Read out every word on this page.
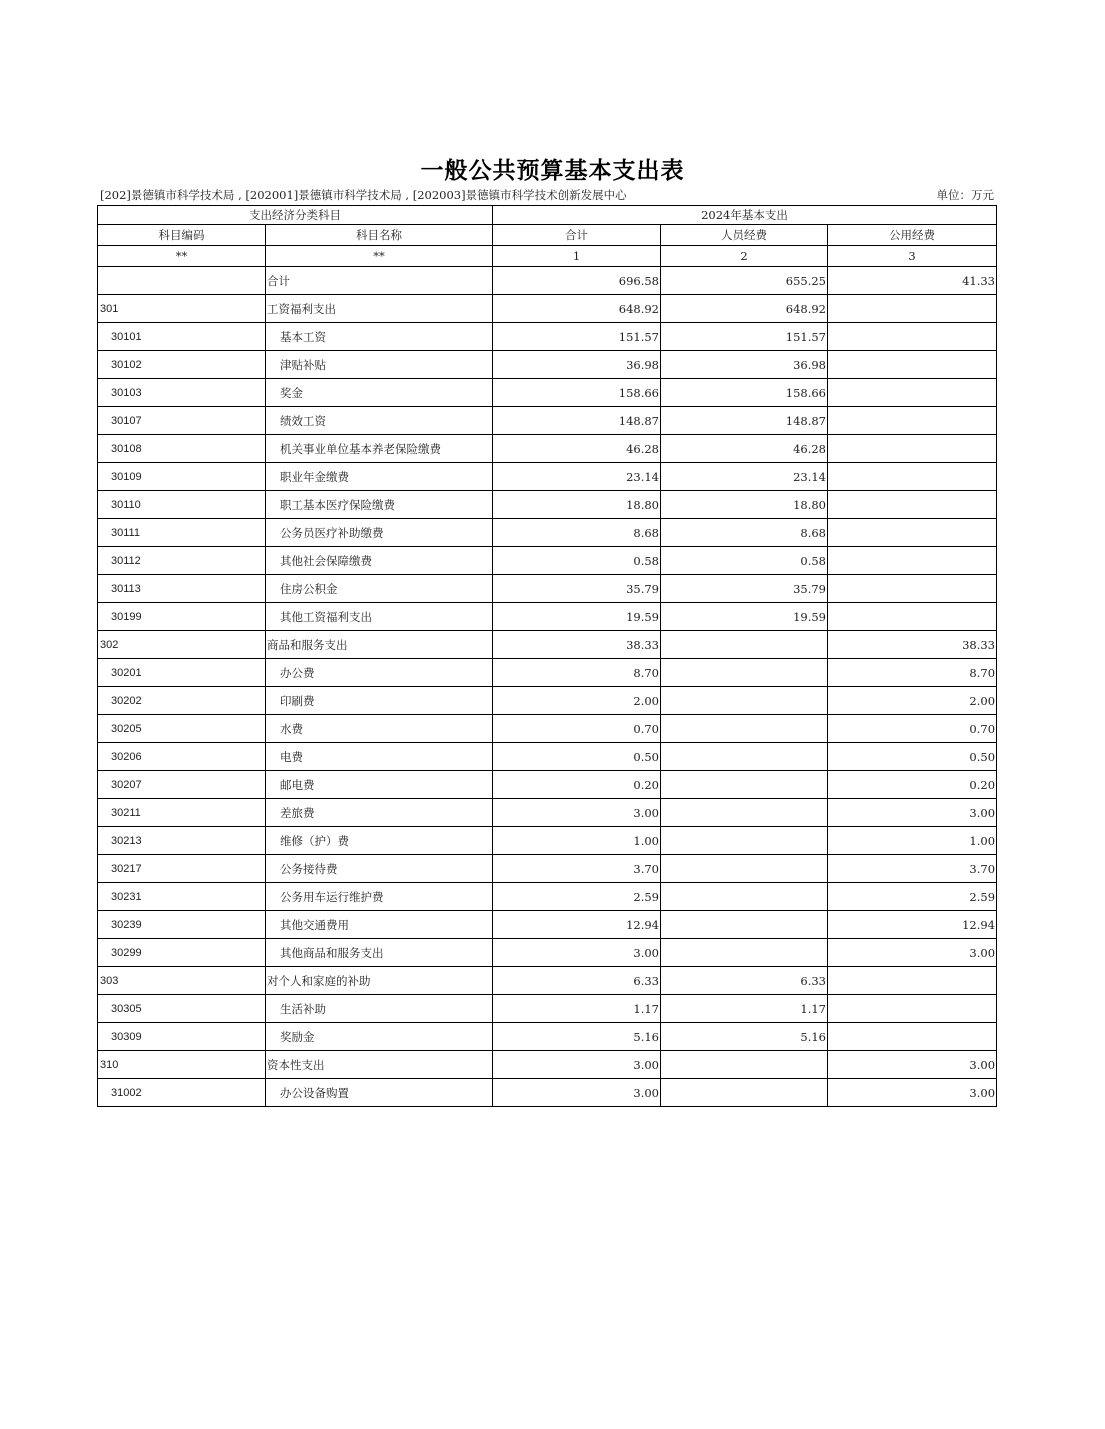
一般公共预算基本支出表
[202]景德镇市科学技术局 , [202001]景德镇市科学技术局 , [202003]景德镇市科学技术创新发展中心	单位：万元
支出经济分类科目		2024年基本支出		
科目编码	科目名称	合计	人员经费	公用经费
**	**	1	2	3
	合计	696.58	655.25	41.33
301	工资福利支出	648.92	648.92	
30101	基本工资	151.57	151.57	
30102	津贴补贴	36.98	36.98	
30103	奖金	158.66	158.66	
30107	绩效工资	148.87	148.87	
30108	机关事业单位基本养老保险缴费	46.28	46.28	
30109	职业年金缴费	23.14	23.14	
30110	职工基本医疗保险缴费	18.80	18.80	
30111	公务员医疗补助缴费	8.68	8.68	
30112	其他社会保障缴费	0.58	0.58	
30113	住房公积金	35.79	35.79	
30199	其他工资福利支出	19.59	19.59	
302	商品和服务支出	38.33		38.33
30201	办公费	8.70		8.70
30202	印刷费	2.00		2.00
30205	水费	0.70		0.70
30206	电费	0.50		0.50
30207	邮电费	0.20		0.20
30211	差旅费	3.00		3.00
30213	维修（护）费	1.00		1.00
30217	公务接待费	3.70		3.70
30231	公务用车运行维护费	2.59		2.59
30239	其他交通费用	12.94		12.94
30299	其他商品和服务支出	3.00		3.00
303	对个人和家庭的补助	6.33	6.33	
30305	生活补助	1.17	1.17	
30309	奖励金	5.16	5.16	
310	资本性支出	3.00		3.00
31002	办公设备购置	3.00		3.00
